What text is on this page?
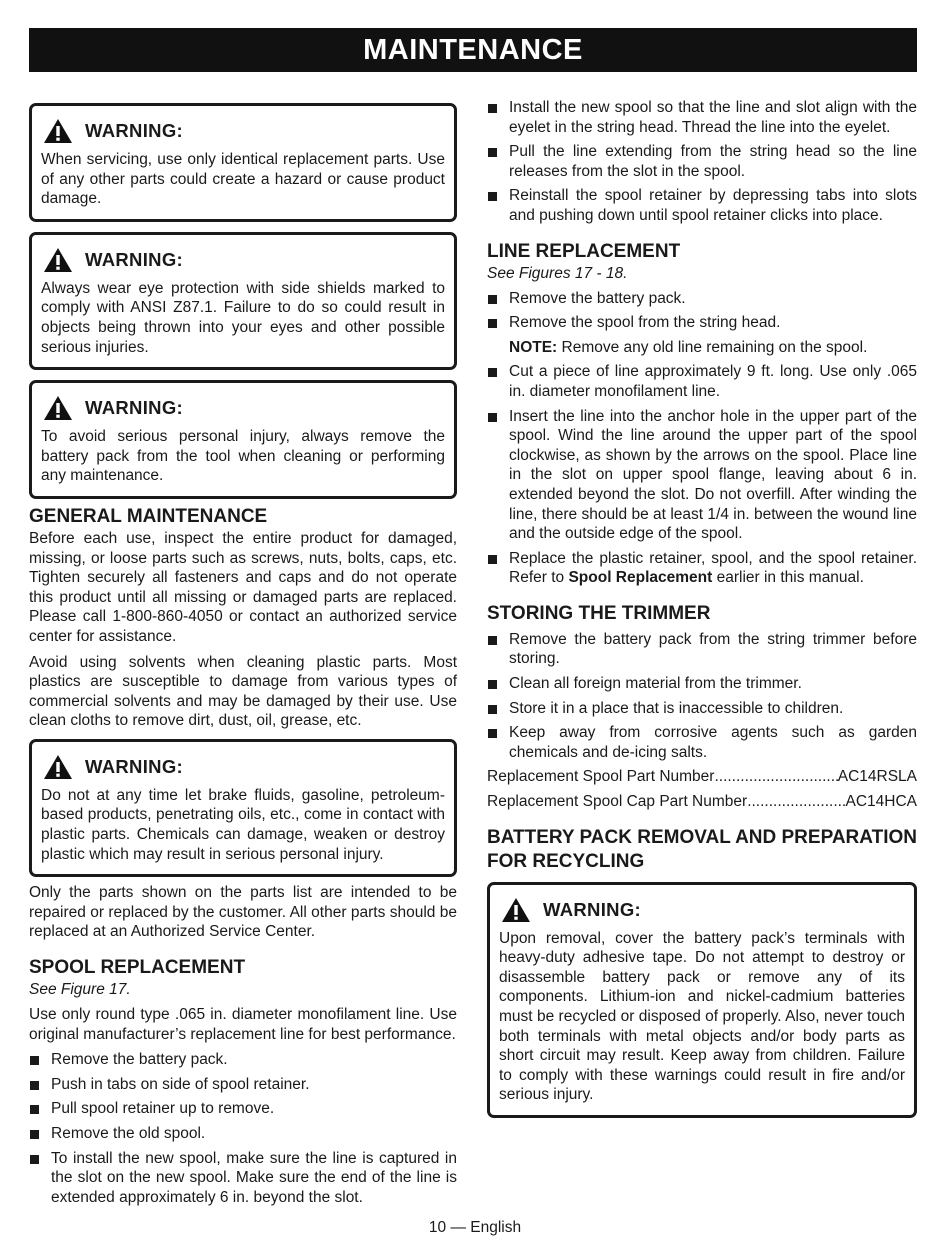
MAINTENANCE
WARNING:

When servicing, use only identical replacement parts. Use of any other parts could create a hazard or cause product damage.

WARNING:

Always wear eye protection with side shields marked to comply with ANSI Z87.1. Failure to do so could result in objects being thrown into your eyes and other possible serious injuries.

WARNING:

To avoid serious personal injury, always remove the battery pack from the tool when cleaning or performing any maintenance.

GENERAL MAINTENANCE

Before each use, inspect the entire product for damaged, missing, or loose parts such as screws, nuts, bolts, caps, etc. Tighten securely all fasteners and caps and do not operate this product until all missing or damaged parts are replaced. Please call 1-800-860-4050 or contact an authorized service center for assistance.

Avoid using solvents when cleaning plastic parts. Most plastics are susceptible to damage from various types of commercial solvents and may be damaged by their use. Use clean cloths to remove dirt, dust, oil, grease, etc.

WARNING:

Do not at any time let brake fluids, gasoline, petroleum-based products, penetrating oils, etc., come in contact with plastic parts. Chemicals can damage, weaken or destroy plastic which may result in serious personal injury.

Only the parts shown on the parts list are intended to be repaired or replaced by the customer. All other parts should be replaced at an Authorized Service Center.

SPOOL REPLACEMENT

See Figure 17.

Use only round type .065 in. diameter monofilament line. Use original manufacturer’s replacement line for best performance.

Remove the battery pack.
Push in tabs on side of spool retainer.
Pull spool retainer up to remove.
Remove the old spool.
To install the new spool, make sure the line is captured in the slot on the new spool. Make sure the end of the line is extended approximately 6 in. beyond the slot.
Install the new spool so that the line and slot align with the eyelet in the string head. Thread the line into the eyelet.
Pull the line extending from the string head so the line releases from the slot in the spool.
Reinstall the spool retainer by depressing tabs into slots and pushing down until spool retainer clicks into place.
LINE REPLACEMENT

See Figures 17 - 18.

Remove the battery pack.
Remove the spool from the string head.
NOTE: Remove any old line remaining on the spool.
Cut a piece of line approximately 9 ft. long. Use only .065 in. diameter monofilament line.
Insert the line into the anchor hole in the upper part of the spool. Wind the line around the upper part of the spool clockwise, as shown by the arrows on the spool. Place line in the slot on upper spool flange, leaving about 6 in. extended beyond the slot. Do not overfill. After winding the line, there should be at least 1/4 in. between the wound line and the outside edge of the spool.
Replace the plastic retainer, spool, and the spool retainer. Refer to Spool Replacement earlier in this manual.
STORING THE TRIMMER
Remove the battery pack from the string trimmer before storing.
Clean all foreign material from the trimmer.
Store it in a place that is inaccessible to children.
Keep away from corrosive agents such as garden chemicals and de-icing salts.
Replacement Spool Part Number .....	AC14RSLA
Replacement Spool Cap Part Number .....	AC14HCA
BATTERY PACK REMOVAL AND PREPARATION FOR RECYCLING
WARNING:

Upon removal, cover the battery pack’s terminals with heavy-duty adhesive tape. Do not attempt to destroy or disassemble battery pack or remove any of its components. Lithium-ion and nickel-cadmium batteries must be recycled or disposed of properly. Also, never touch both terminals with metal objects and/or body parts as short circuit may result. Keep away from children. Failure to comply with these warnings could result in fire and/or serious injury.

10 — English
